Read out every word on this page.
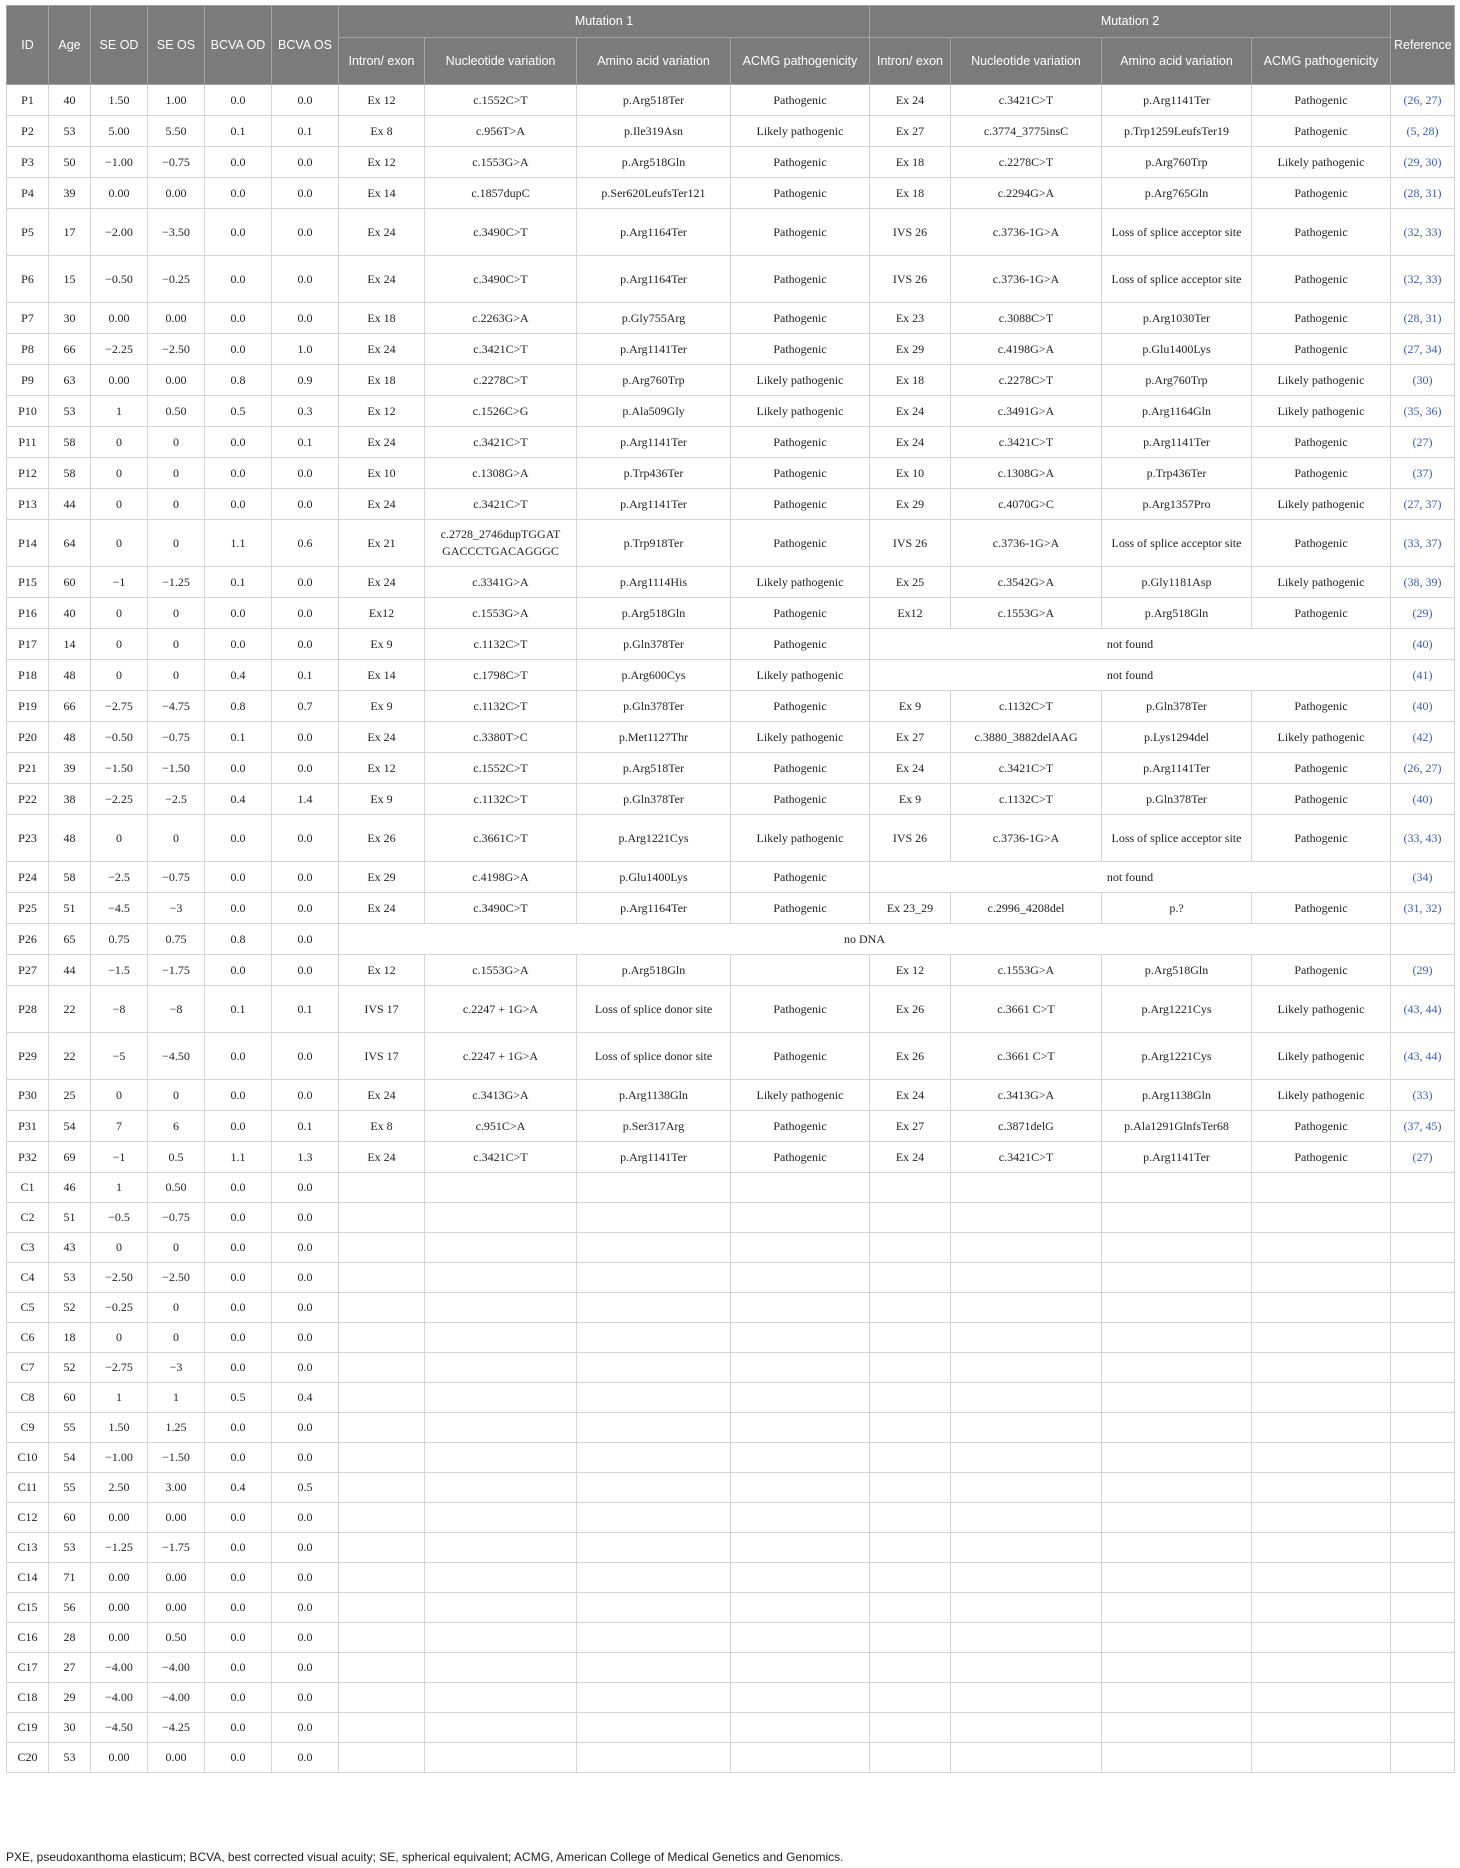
ID	Age	SE OD	SE OS	BCVA OD	BCVA OS	Mutation 1				Mutation 2				Reference
						Intron/ exon	Nucleotide variation	Amino acid variation	ACMG pathogenicity	Intron/ exon	Nucleotide variation	Amino acid variation	ACMG pathogenicity	
P1	40	1.50	1.00	0.0	0.0	Ex 12	c.1552C>T	p.Arg518Ter	Pathogenic	Ex 24	c.3421C>T	p.Arg1141Ter	Pathogenic	(26, 27)
P2	53	5.00	5.50	0.1	0.1	Ex 8	c.956T>A	p.Ile319Asn	Likely pathogenic	Ex 27	c.3774_3775insC	p.Trp1259LeufsTer19	Pathogenic	(5, 28)
P3	50	−1.00	−0.75	0.0	0.0	Ex 12	c.1553G>A	p.Arg518Gln	Pathogenic	Ex 18	c.2278C>T	p.Arg760Trp	Likely pathogenic	(29, 30)
P4	39	0.00	0.00	0.0	0.0	Ex 14	c.1857dupC	p.Ser620LeufsTer121	Pathogenic	Ex 18	c.2294G>A	p.Arg765Gln	Pathogenic	(28, 31)
P5	17	−2.00	−3.50	0.0	0.0	Ex 24	c.3490C>T	p.Arg1164Ter	Pathogenic	IVS 26	c.3736-1G>A	Loss of splice acceptor site	Pathogenic	(32, 33)
P6	15	−0.50	−0.25	0.0	0.0	Ex 24	c.3490C>T	p.Arg1164Ter	Pathogenic	IVS 26	c.3736-1G>A	Loss of splice acceptor site	Pathogenic	(32, 33)
P7	30	0.00	0.00	0.0	0.0	Ex 18	c.2263G>A	p.Gly755Arg	Pathogenic	Ex 23	c.3088C>T	p.Arg1030Ter	Pathogenic	(28, 31)
P8	66	−2.25	−2.50	0.0	1.0	Ex 24	c.3421C>T	p.Arg1141Ter	Pathogenic	Ex 29	c.4198G>A	p.Glu1400Lys	Pathogenic	(27, 34)
P9	63	0.00	0.00	0.8	0.9	Ex 18	c.2278C>T	p.Arg760Trp	Likely pathogenic	Ex 18	c.2278C>T	p.Arg760Trp	Likely pathogenic	(30)
P10	53	1	0.50	0.5	0.3	Ex 12	c.1526C>G	p.Ala509Gly	Likely pathogenic	Ex 24	c.3491G>A	p.Arg1164Gln	Likely pathogenic	(35, 36)
P11	58	0	0	0.0	0.1	Ex 24	c.3421C>T	p.Arg1141Ter	Pathogenic	Ex 24	c.3421C>T	p.Arg1141Ter	Pathogenic	(27)
P12	58	0	0	0.0	0.0	Ex 10	c.1308G>A	p.Trp436Ter	Pathogenic	Ex 10	c.1308G>A	p.Trp436Ter	Pathogenic	(37)
P13	44	0	0	0.0	0.0	Ex 24	c.3421C>T	p.Arg1141Ter	Pathogenic	Ex 29	c.4070G>C	p.Arg1357Pro	Likely pathogenic	(27, 37)
P14	64	0	0	1.1	0.6	Ex 21	c.2728_2746dupTGGAT GACCCTGACAGGGC	p.Trp918Ter	Pathogenic	IVS 26	c.3736-1G>A	Loss of splice acceptor site	Pathogenic	(33, 37)
P15	60	−1	−1.25	0.1	0.0	Ex 24	c.3341G>A	p.Arg1114His	Likely pathogenic	Ex 25	c.3542G>A	p.Gly1181Asp	Likely pathogenic	(38, 39)
P16	40	0	0	0.0	0.0	Ex12	c.1553G>A	p.Arg518Gln	Pathogenic	Ex12	c.1553G>A	p.Arg518Gln	Pathogenic	(29)
P17	14	0	0	0.0	0.0	Ex 9	c.1132C>T	p.Gln378Ter	Pathogenic	not found				(40)
P18	48	0	0	0.4	0.1	Ex 14	c.1798C>T	p.Arg600Cys	Likely pathogenic	not found				(41)
P19	66	−2.75	−4.75	0.8	0.7	Ex 9	c.1132C>T	p.Gln378Ter	Pathogenic	Ex 9	c.1132C>T	p.Gln378Ter	Pathogenic	(40)
P20	48	−0.50	−0.75	0.1	0.0	Ex 24	c.3380T>C	p.Met1127Thr	Likely pathogenic	Ex 27	c.3880_3882delAAG	p.Lys1294del	Likely pathogenic	(42)
P21	39	−1.50	−1.50	0.0	0.0	Ex 12	c.1552C>T	p.Arg518Ter	Pathogenic	Ex 24	c.3421C>T	p.Arg1141Ter	Pathogenic	(26, 27)
P22	38	−2.25	−2.5	0.4	1.4	Ex 9	c.1132C>T	p.Gln378Ter	Pathogenic	Ex 9	c.1132C>T	p.Gln378Ter	Pathogenic	(40)
P23	48	0	0	0.0	0.0	Ex 26	c.3661C>T	p.Arg1221Cys	Likely pathogenic	IVS 26	c.3736-1G>A	Loss of splice acceptor site	Pathogenic	(33, 43)
P24	58	−2.5	−0.75	0.0	0.0	Ex 29	c.4198G>A	p.Glu1400Lys	Pathogenic	not found				(34)
P25	51	−4.5	−3	0.0	0.0	Ex 24	c.3490C>T	p.Arg1164Ter	Pathogenic	Ex 23_29	c.2996_4208del	p.?	Pathogenic	(31, 32)
P26	65	0.75	0.75	0.8	0.0	no DNA								
P27	44	−1.5	−1.75	0.0	0.0	Ex 12	c.1553G>A	p.Arg518Gln		Ex 12	c.1553G>A	p.Arg518Gln	Pathogenic	(29)
P28	22	−8	−8	0.1	0.1	IVS 17	c.2247 + 1G>A	Loss of splice donor site	Pathogenic	Ex 26	c.3661 C>T	p.Arg1221Cys	Likely pathogenic	(43, 44)
P29	22	−5	−4.50	0.0	0.0	IVS 17	c.2247 + 1G>A	Loss of splice donor site	Pathogenic	Ex 26	c.3661 C>T	p.Arg1221Cys	Likely pathogenic	(43, 44)
P30	25	0	0	0.0	0.0	Ex 24	c.3413G>A	p.Arg1138Gln	Likely pathogenic	Ex 24	c.3413G>A	p.Arg1138Gln	Likely pathogenic	(33)
P31	54	7	6	0.0	0.1	Ex 8	c.951C>A	p.Ser317Arg	Pathogenic	Ex 27	c.3871delG	p.Ala1291GlnfsTer68	Pathogenic	(37, 45)
P32	69	−1	0.5	1.1	1.3	Ex 24	c.3421C>T	p.Arg1141Ter	Pathogenic	Ex 24	c.3421C>T	p.Arg1141Ter	Pathogenic	(27)
C1	46	1	0.50	0.0	0.0									
C2	51	−0.5	−0.75	0.0	0.0									
C3	43	0	0	0.0	0.0									
C4	53	−2.50	−2.50	0.0	0.0									
C5	52	−0.25	0	0.0	0.0									
C6	18	0	0	0.0	0.0									
C7	52	−2.75	−3	0.0	0.0									
C8	60	1	1	0.5	0.4									
C9	55	1.50	1.25	0.0	0.0									
C10	54	−1.00	−1.50	0.0	0.0									
C11	55	2.50	3.00	0.4	0.5									
C12	60	0.00	0.00	0.0	0.0									
C13	53	−1.25	−1.75	0.0	0.0									
C14	71	0.00	0.00	0.0	0.0									
C15	56	0.00	0.00	0.0	0.0									
C16	28	0.00	0.50	0.0	0.0									
C17	27	−4.00	−4.00	0.0	0.0									
C18	29	−4.00	−4.00	0.0	0.0									
C19	30	−4.50	−4.25	0.0	0.0									
C20	53	0.00	0.00	0.0	0.0									
PXE, pseudoxanthoma elasticum; BCVA, best corrected visual acuity; SE, spherical equivalent; ACMG, American College of Medical Genetics and Genomics.
